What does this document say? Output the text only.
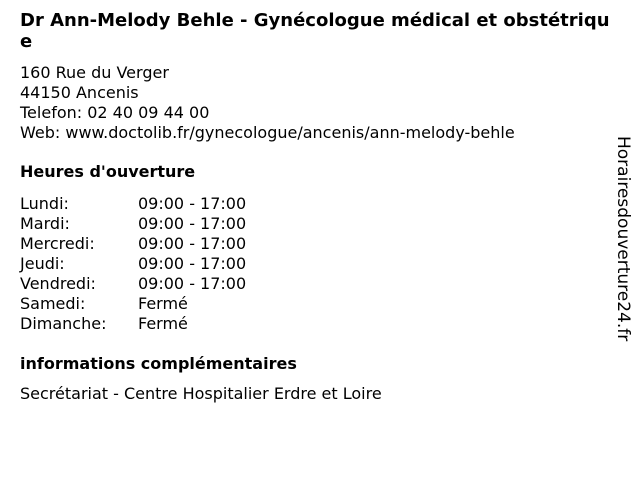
Dr Ann-Melody Behle - Gynécologue médical et obstétrique
160 Rue du Verger
44150 Ancenis
Telefon: 02 40 09 44 00
Web: www.doctolib.fr/gynecologue/ancenis/ann-melody-behle
Heures d'ouverture
Lundi:	09:00 - 17:00
Mardi:	09:00 - 17:00
Mercredi:	09:00 - 17:00
Jeudi:	09:00 - 17:00
Vendredi:	09:00 - 17:00
Samedi:	Fermé
Dimanche:	Fermé
informations complémentaires
Secrétariat - Centre Hospitalier Erdre et Loire
Horairesdouverture24.fr
